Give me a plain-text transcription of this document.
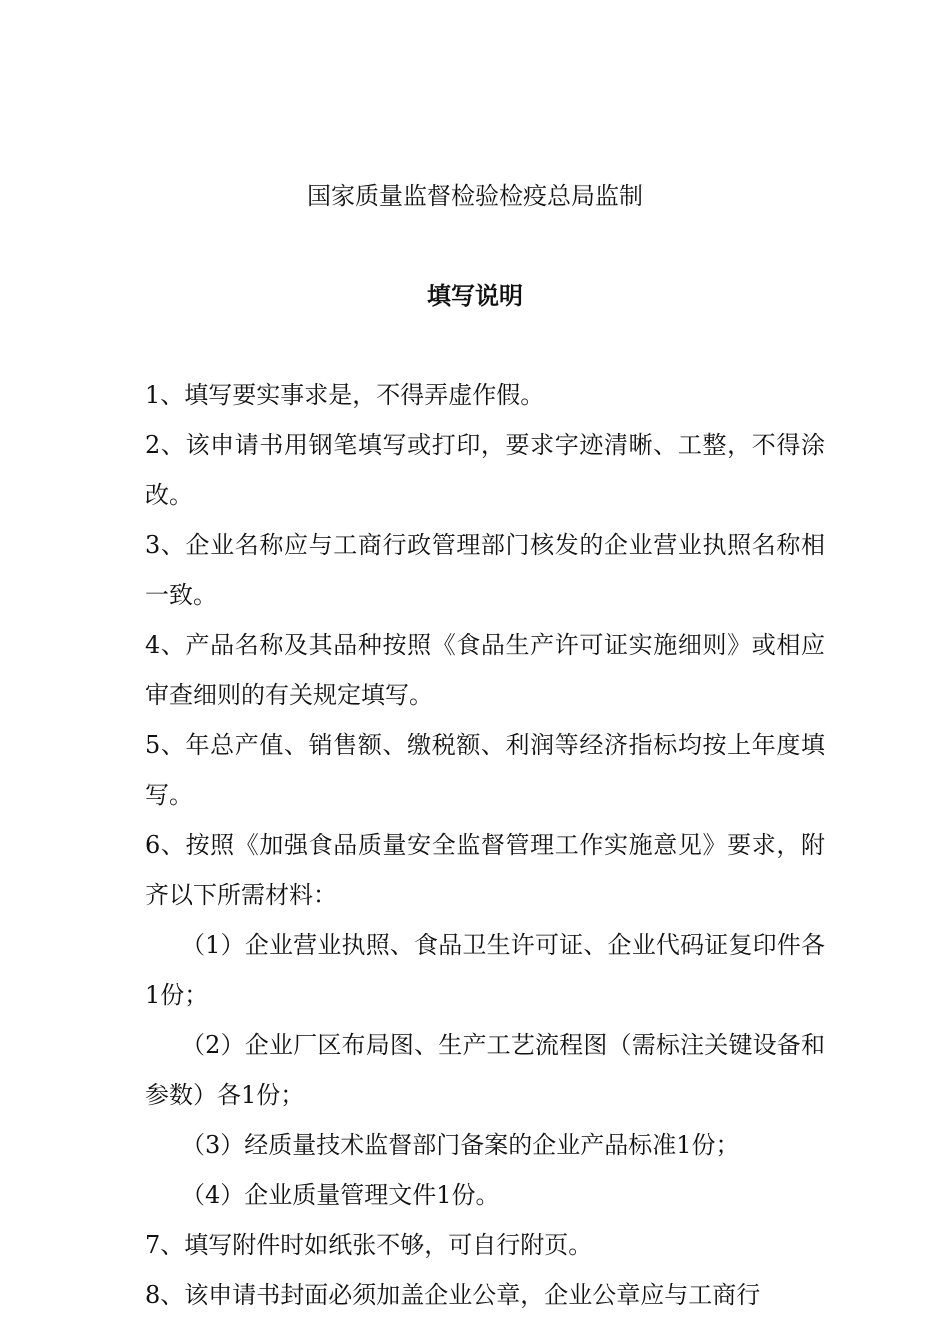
国家质量监督检验检疫总局监制
填写说明

1、填写要实事求是，不得弄虚作假。

2、该申请书用钢笔填写或打印，要求字迹清晰、工整，不得涂改。

3、企业名称应与工商行政管理部门核发的企业营业执照名称相一致。

4、产品名称及其品种按照《食品生产许可证实施细则》或相应审查细则的有关规定填写。

5、年总产值、销售额、缴税额、利润等经济指标均按上年度填写。

6、按照《加强食品质量安全监督管理工作实施意见》要求，附齐以下所需材料：

（1）企业营业执照、食品卫生许可证、企业代码证复印件各1份；

（2）企业厂区布局图、生产工艺流程图（需标注关键设备和参数）各1份；

（3）经质量技术监督部门备案的企业产品标准1份；

（4）企业质量管理文件1份。

7、填写附件时如纸张不够，可自行附页。

8、该申请书封面必须加盖企业公章，企业公章应与工商行
